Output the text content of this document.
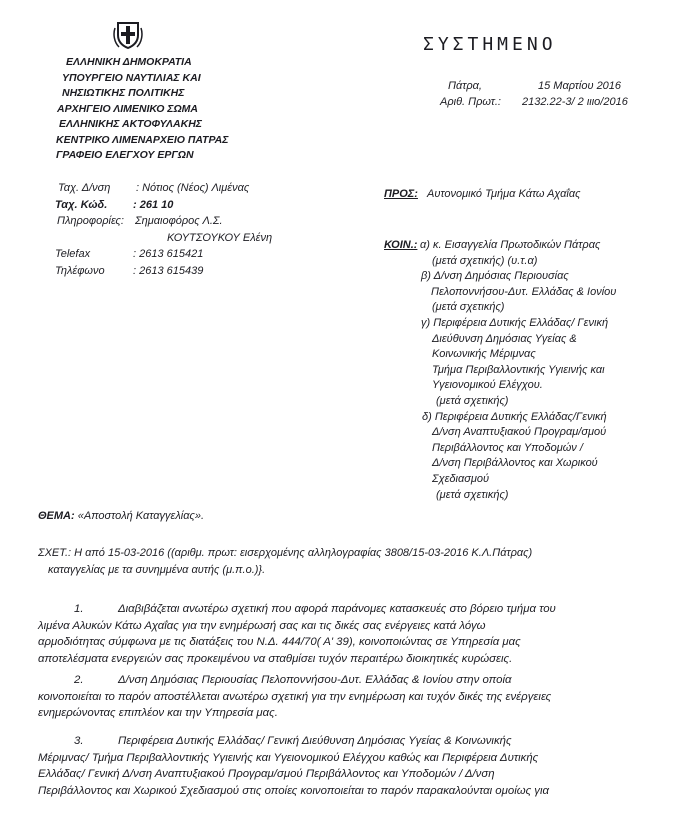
ΣΥΣΤΗΜΕΝΟ
ΕΛΛΗΝΙΚΗ ΔΗΜΟΚΡΑΤΙΑ
ΥΠΟΥΡΓΕΙΟ ΝΑΥΤΙΛΙΑΣ ΚΑΙ
ΝΗΣΙΩΤΙΚΗΣ ΠΟΛΙΤΙΚΗΣ
ΑΡΧΗΓΕΙΟ ΛΙΜΕΝΙΚΟ ΣΩΜΑ
ΕΛΛΗΝΙΚΗΣ ΑΚΤΟΦΥΛΑΚΗΣ
ΚΕΝΤΡΙΚΟ ΛΙΜΕΝΑΡΧΕΙΟ ΠΑΤΡΑΣ
ΓΡΑΦΕΙΟ ΕΛΕΓΧΟΥ ΕΡΓΩΝ
Πάτρα,	15 Μαρτίου 2016
Αριθ. Πρωτ.: 2132.22-3/ 2 ιιιο/2016
Ταχ. Δ/νση : Νότιος (Νέος) Λιμένας
Ταχ. Κώδ. : 261 10
Πληροφορίες: Σημαιοφόρος Λ.Σ.
ΚΟΥΤΣΟΥΚΟΥ Ελένη
Telefax	: 2613 615421
Τηλέφωνο	: 2613 615439
ΠΡΟΣ: Αυτονομικό Τμήμα Κάτω Αχαΐας
ΚΟΙΝ.: α) κ. Εισαγγελία Πρωτοδικών Πάτρας
(μετά σχετικής) (υ.τ.α)
β) Δ/νση Δημόσιας Περιουσίας
Πελοποννήσου-Δυτ. Ελλάδας & Ιονίου
(μετά σχετικής)
γ) Περιφέρεια Δυτικής Ελλάδας/ Γενική
Διεύθυνση Δημόσιας Υγείας &
Κοινωνικής Μέριμνας
Τμήμα Περιβαλλοντικής Υγιεινής και
Υγειονομικού Ελέγχου.
(μετά σχετικής)
δ) Περιφέρεια Δυτικής Ελλάδας/Γενική
Δ/νση Αναπτυξιακού Προγραμ/σμού
Περιβάλλοντος και Υποδομών /
Δ/νση Περιβάλλοντος και Χωρικού
Σχεδιασμού
(μετά σχετικής)
ΘΕΜΑ: «Αποστολή Καταγγελίας».
ΣΧΕΤ.: Η από 15-03-2016 ((αριθμ. πρωτ: εισερχομένης αλληλογραφίας 3808/15-03-2016 Κ.Λ.Πάτρας)
καταγγελίας με τα συνημμένα αυτής (μ.π.ο.)}.
1.	Διαβιβάζεται ανωτέρω σχετική που αφορά παράνομες κατασκευές στο βόρειο τμήμα του
λιμένα Αλυκών Κάτω Αχαΐας για την ενημέρωσή σας και τις δικές σας ενέργειες κατά λόγω
αρμοδιότητας σύμφωνα με τις διατάξεις του Ν.Δ. 444/70( Α' 39), κοινοποιώντας σε Υπηρεσία μας
αποτελέσματα ενεργειών σας προκειμένου να σταθμίσει τυχόν περαιτέρω διοικητικές κυρώσεις.
2.	Δ/νση Δημόσιας Περιουσίας Πελοποννήσου-Δυτ. Ελλάδας & Ιονίου στην οποία
κοινοποιείται το παρόν αποστέλλεται ανωτέρω σχετική για την ενημέρωση και τυχόν δικές της ενέργειες
ενημερώνοντας επιπλέον και την Υπηρεσία μας.
3.	Περιφέρεια Δυτικής Ελλάδας/ Γενική Διεύθυνση Δημόσιας Υγείας & Κοινωνικής
Μέριμνας/ Τμήμα Περιβαλλοντικής Υγιεινής και Υγειονομικού Ελέγχου καθώς και Περιφέρεια Δυτικής
Ελλάδας/ Γενική Δ/νση Αναπτυξιακού Προγραμ/σμού Περιβάλλοντος και Υποδομών / Δ/νση
Περιβάλλοντος και Χωρικού Σχεδιασμού στις οποίες κοινοποιείται το παρόν παρακαλούνται ομοίως για
